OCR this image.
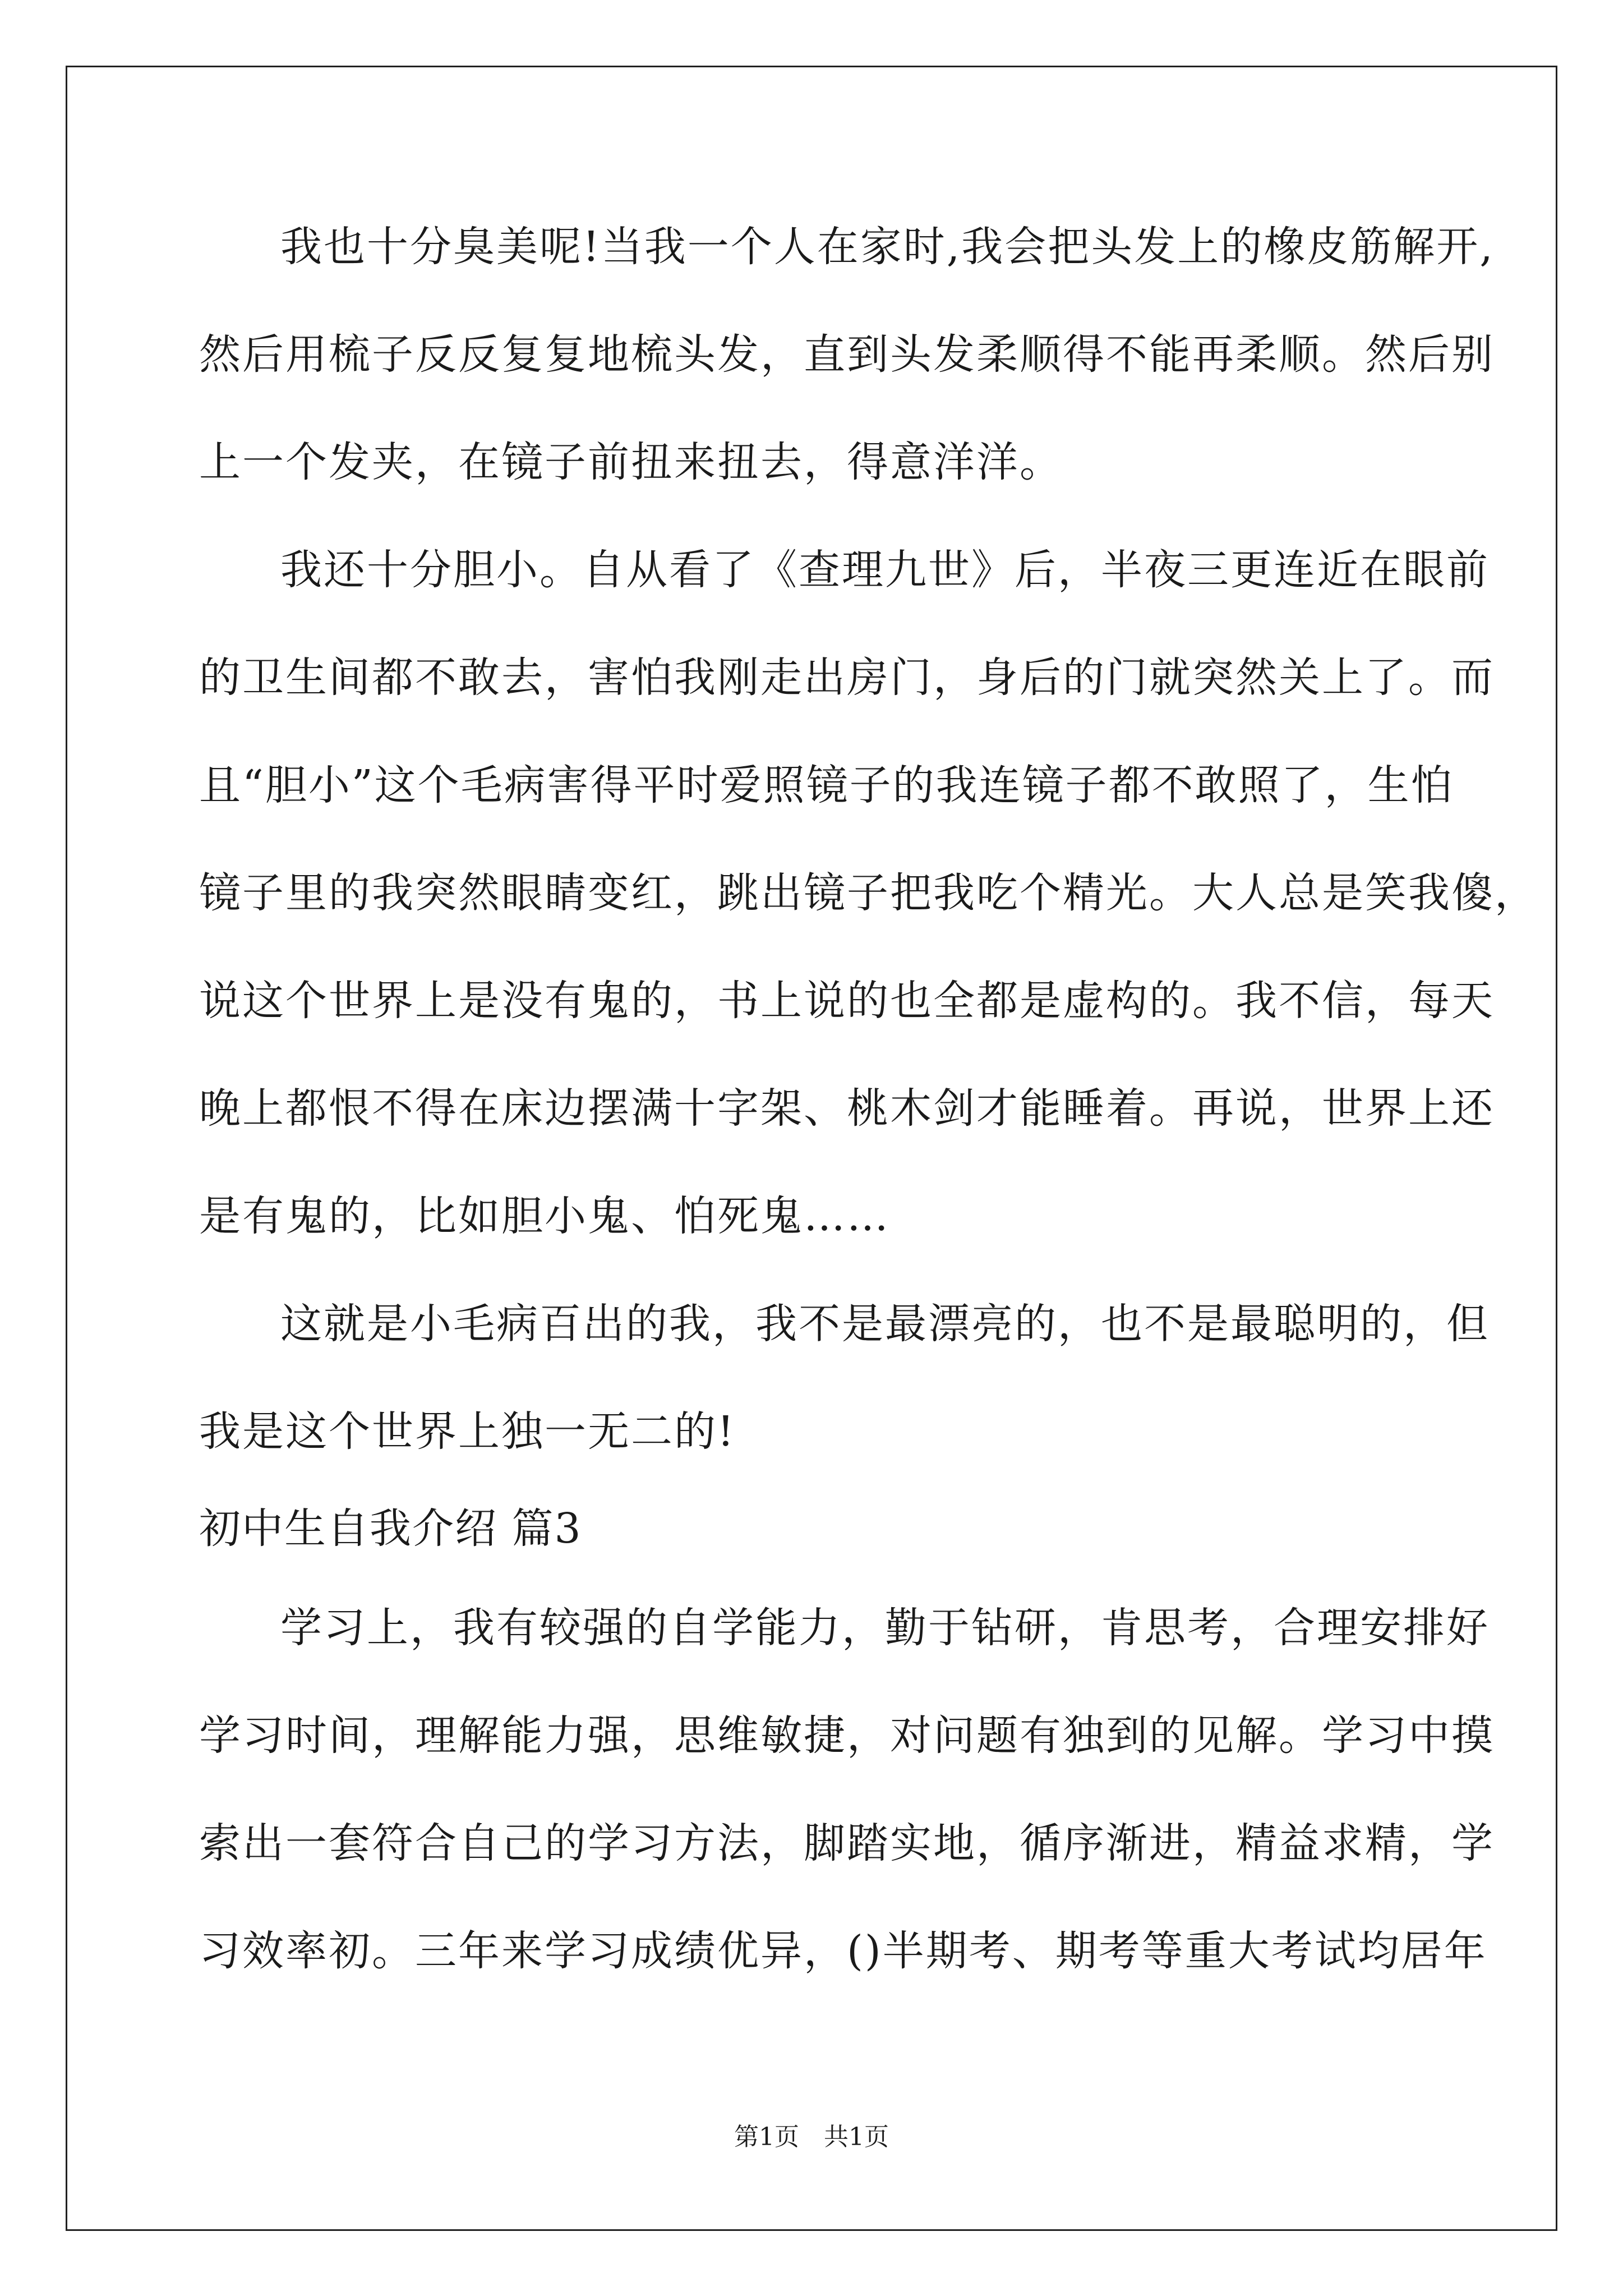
我也十分臭美呢!当我一个人在家时,我会把头发上的橡皮筋解开,
然后用梳子反反复复地梳头发，直到头发柔顺得不能再柔顺。然后别
上一个发夹，在镜子前扭来扭去，得意洋洋。
我还十分胆小。自从看了《查理九世》后，半夜三更连近在眼前
的卫生间都不敢去，害怕我刚走出房门，身后的门就突然关上了。而
且“胆小”这个毛病害得平时爱照镜子的我连镜子都不敢照了，生怕
镜子里的我突然眼睛变红，跳出镜子把我吃个精光。大人总是笑我傻，
说这个世界上是没有鬼的，书上说的也全都是虚构的。我不信，每天
晚上都恨不得在床边摆满十字架、桃木剑才能睡着。再说，世界上还
是有鬼的，比如胆小鬼、怕死鬼……
这就是小毛病百出的我，我不是最漂亮的，也不是最聪明的，但
我是这个世界上独一无二的!
初中生自我介绍 篇3
学习上，我有较强的自学能力，勤于钻研，肯思考，合理安排好
学习时间，理解能力强，思维敏捷，对问题有独到的见解。学习中摸
索出一套符合自己的学习方法，脚踏实地，循序渐进，精益求精，学
习效率初。三年来学习成绩优异，()半期考、期考等重大考试均居年
第1页　共1页
